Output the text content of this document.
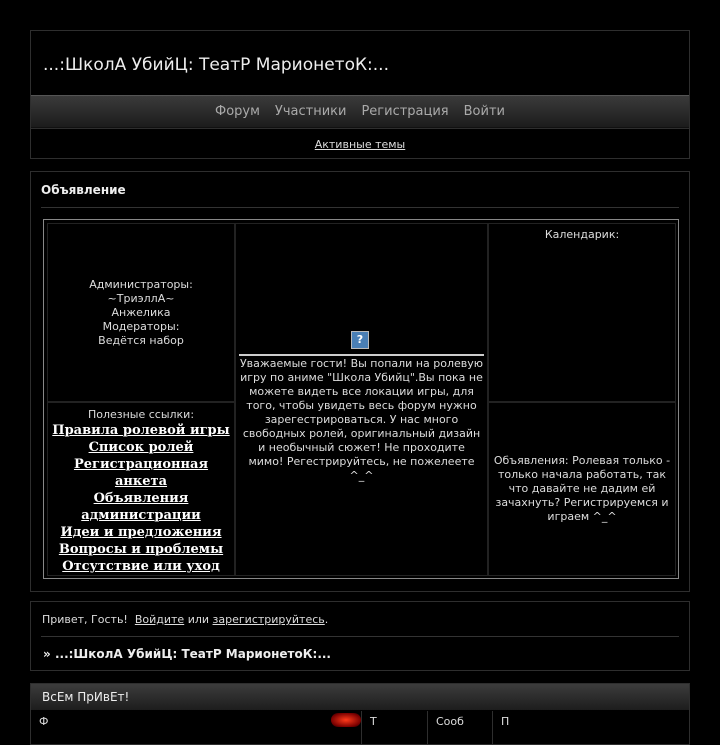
...:ШколА УбийЦ: ТеатР МарионетоК:...
Форум Участники Регистрация Войти
Активные темы
Объявление
Администраторы:
~ТриэллА~
Анжелика
Модераторы:
Ведётся набор	?
Уважаемые гости! Вы попали на ролевую игру по аниме "Школа Убийц".Вы пока не можете видеть все локации игры, для того, чтобы увидеть весь форум нужно зарегестрироваться. У нас много свободных ролей, оригинальный дизайн и необычный сюжет! Не проходите мимо! Регестрируйтесь, не пожелеете ^_^
Календарик:
Полезные ссылки:
Правила ролевой игры
Список ролей
Регистрационная анкета
Объявления администрации
Идеи и предложения
Вопросы и проблемы
Отсутствие или уход
Объявления: Ролевая только - только начала работать, так что давайте не дадим ей зачахнуть? Регистрируемся и играем ^_^
Привет, Гость! Войдите или зарегистрируйтесь.
» ...:ШколА УбийЦ: ТеатР МарионетоК:...
ВсЕм ПрИвЕт!
Ф	Т	Сооб	П
